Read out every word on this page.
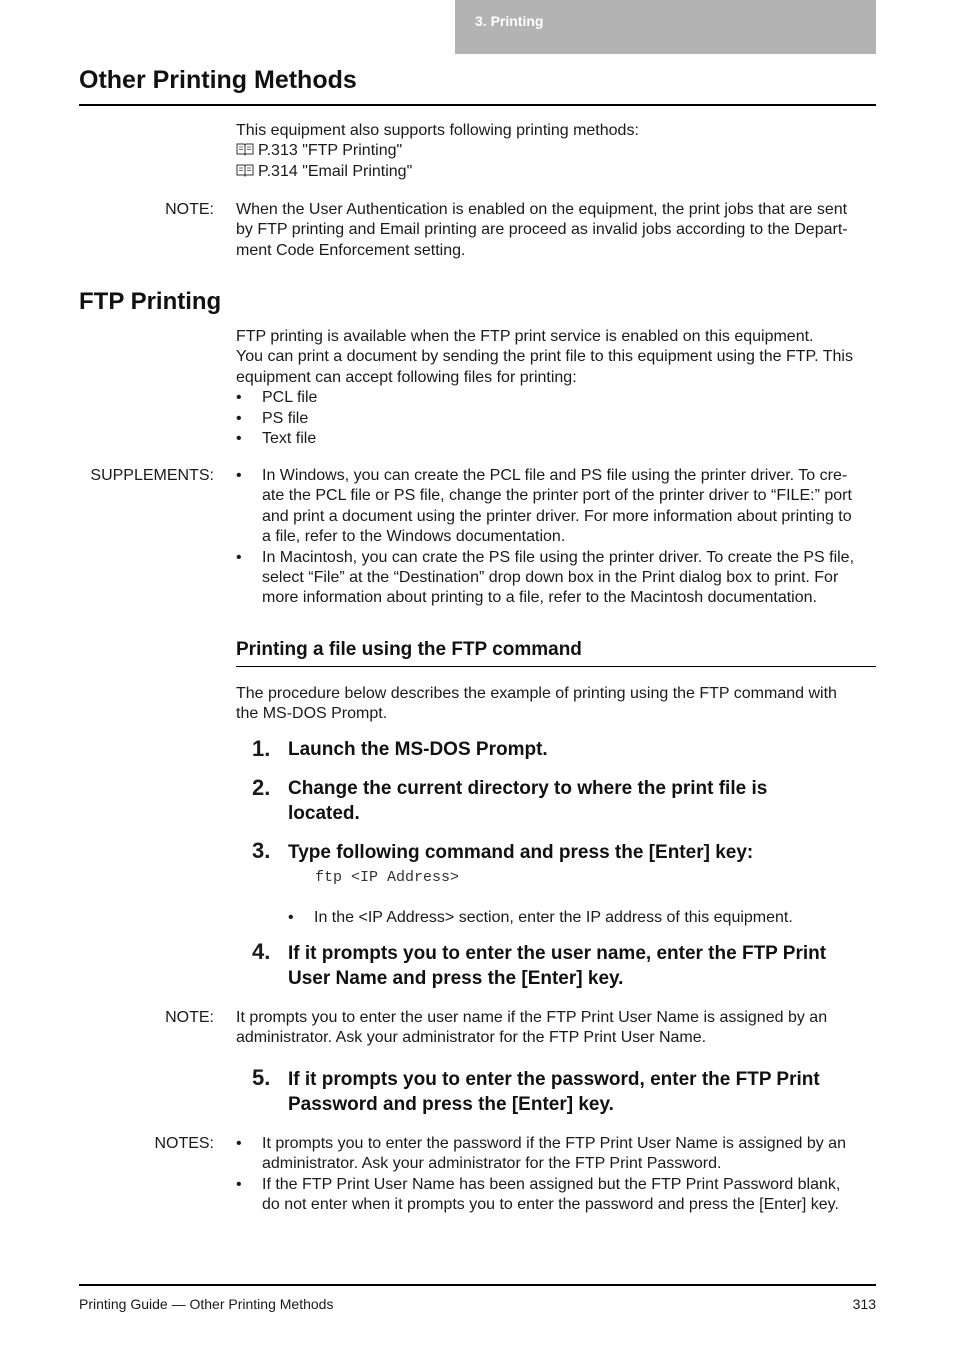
3. Printing
Other Printing Methods

This equipment also supports following printing methods:

P.313 "FTP Printing"

P.314 "Email Printing"

NOTE: When the User Authentication is enabled on the equipment, the print jobs that are sent

by FTP printing and Email printing are proceed as invalid jobs according to the Depart-

ment Code Enforcement setting.

FTP Printing

FTP printing is available when the FTP print service is enabled on this equipment.

You can print a document by sending the print file to this equipment using the FTP. This

equipment can accept following files for printing:

• PCL file

• PS file

• Text file

SUPPLEMENTS:	• In Windows, you can create the PCL file and PS file using the printer driver. To cre-

ate the PCL file or PS file, change the printer port of the printer driver to “FILE:” port

and print a document using the printer driver. For more information about printing to

a file, refer to the Windows documentation.

• In Macintosh, you can crate the PS file using the printer driver. To create the PS file,

select “File” at the “Destination” drop down box in the Print dialog box to print. For

more information about printing to a file, refer to the Macintosh documentation.

Printing a file using the FTP command

The procedure below describes the example of printing using the FTP command with

the MS-DOS Prompt.

1. Launch the MS-DOS Prompt.

2. Change the current directory to where the print file is

located.

3. Type following command and press the [Enter] key:

ftp <IP Address>

• In the <IP Address> section, enter the IP address of this equipment.

4. If it prompts you to enter the user name, enter the FTP Print

User Name and press the [Enter] key.

NOTE: It prompts you to enter the user name if the FTP Print User Name is assigned by an

administrator. Ask your administrator for the FTP Print User Name.

5. If it prompts you to enter the password, enter the FTP Print

Password and press the [Enter] key.

NOTES:	• It prompts you to enter the password if the FTP Print User Name is assigned by an

administrator. Ask your administrator for the FTP Print Password.

• If the FTP Print User Name has been assigned but the FTP Print Password blank,

do not enter when it prompts you to enter the password and press the [Enter] key.

Printing Guide — Other Printing Methods	313
